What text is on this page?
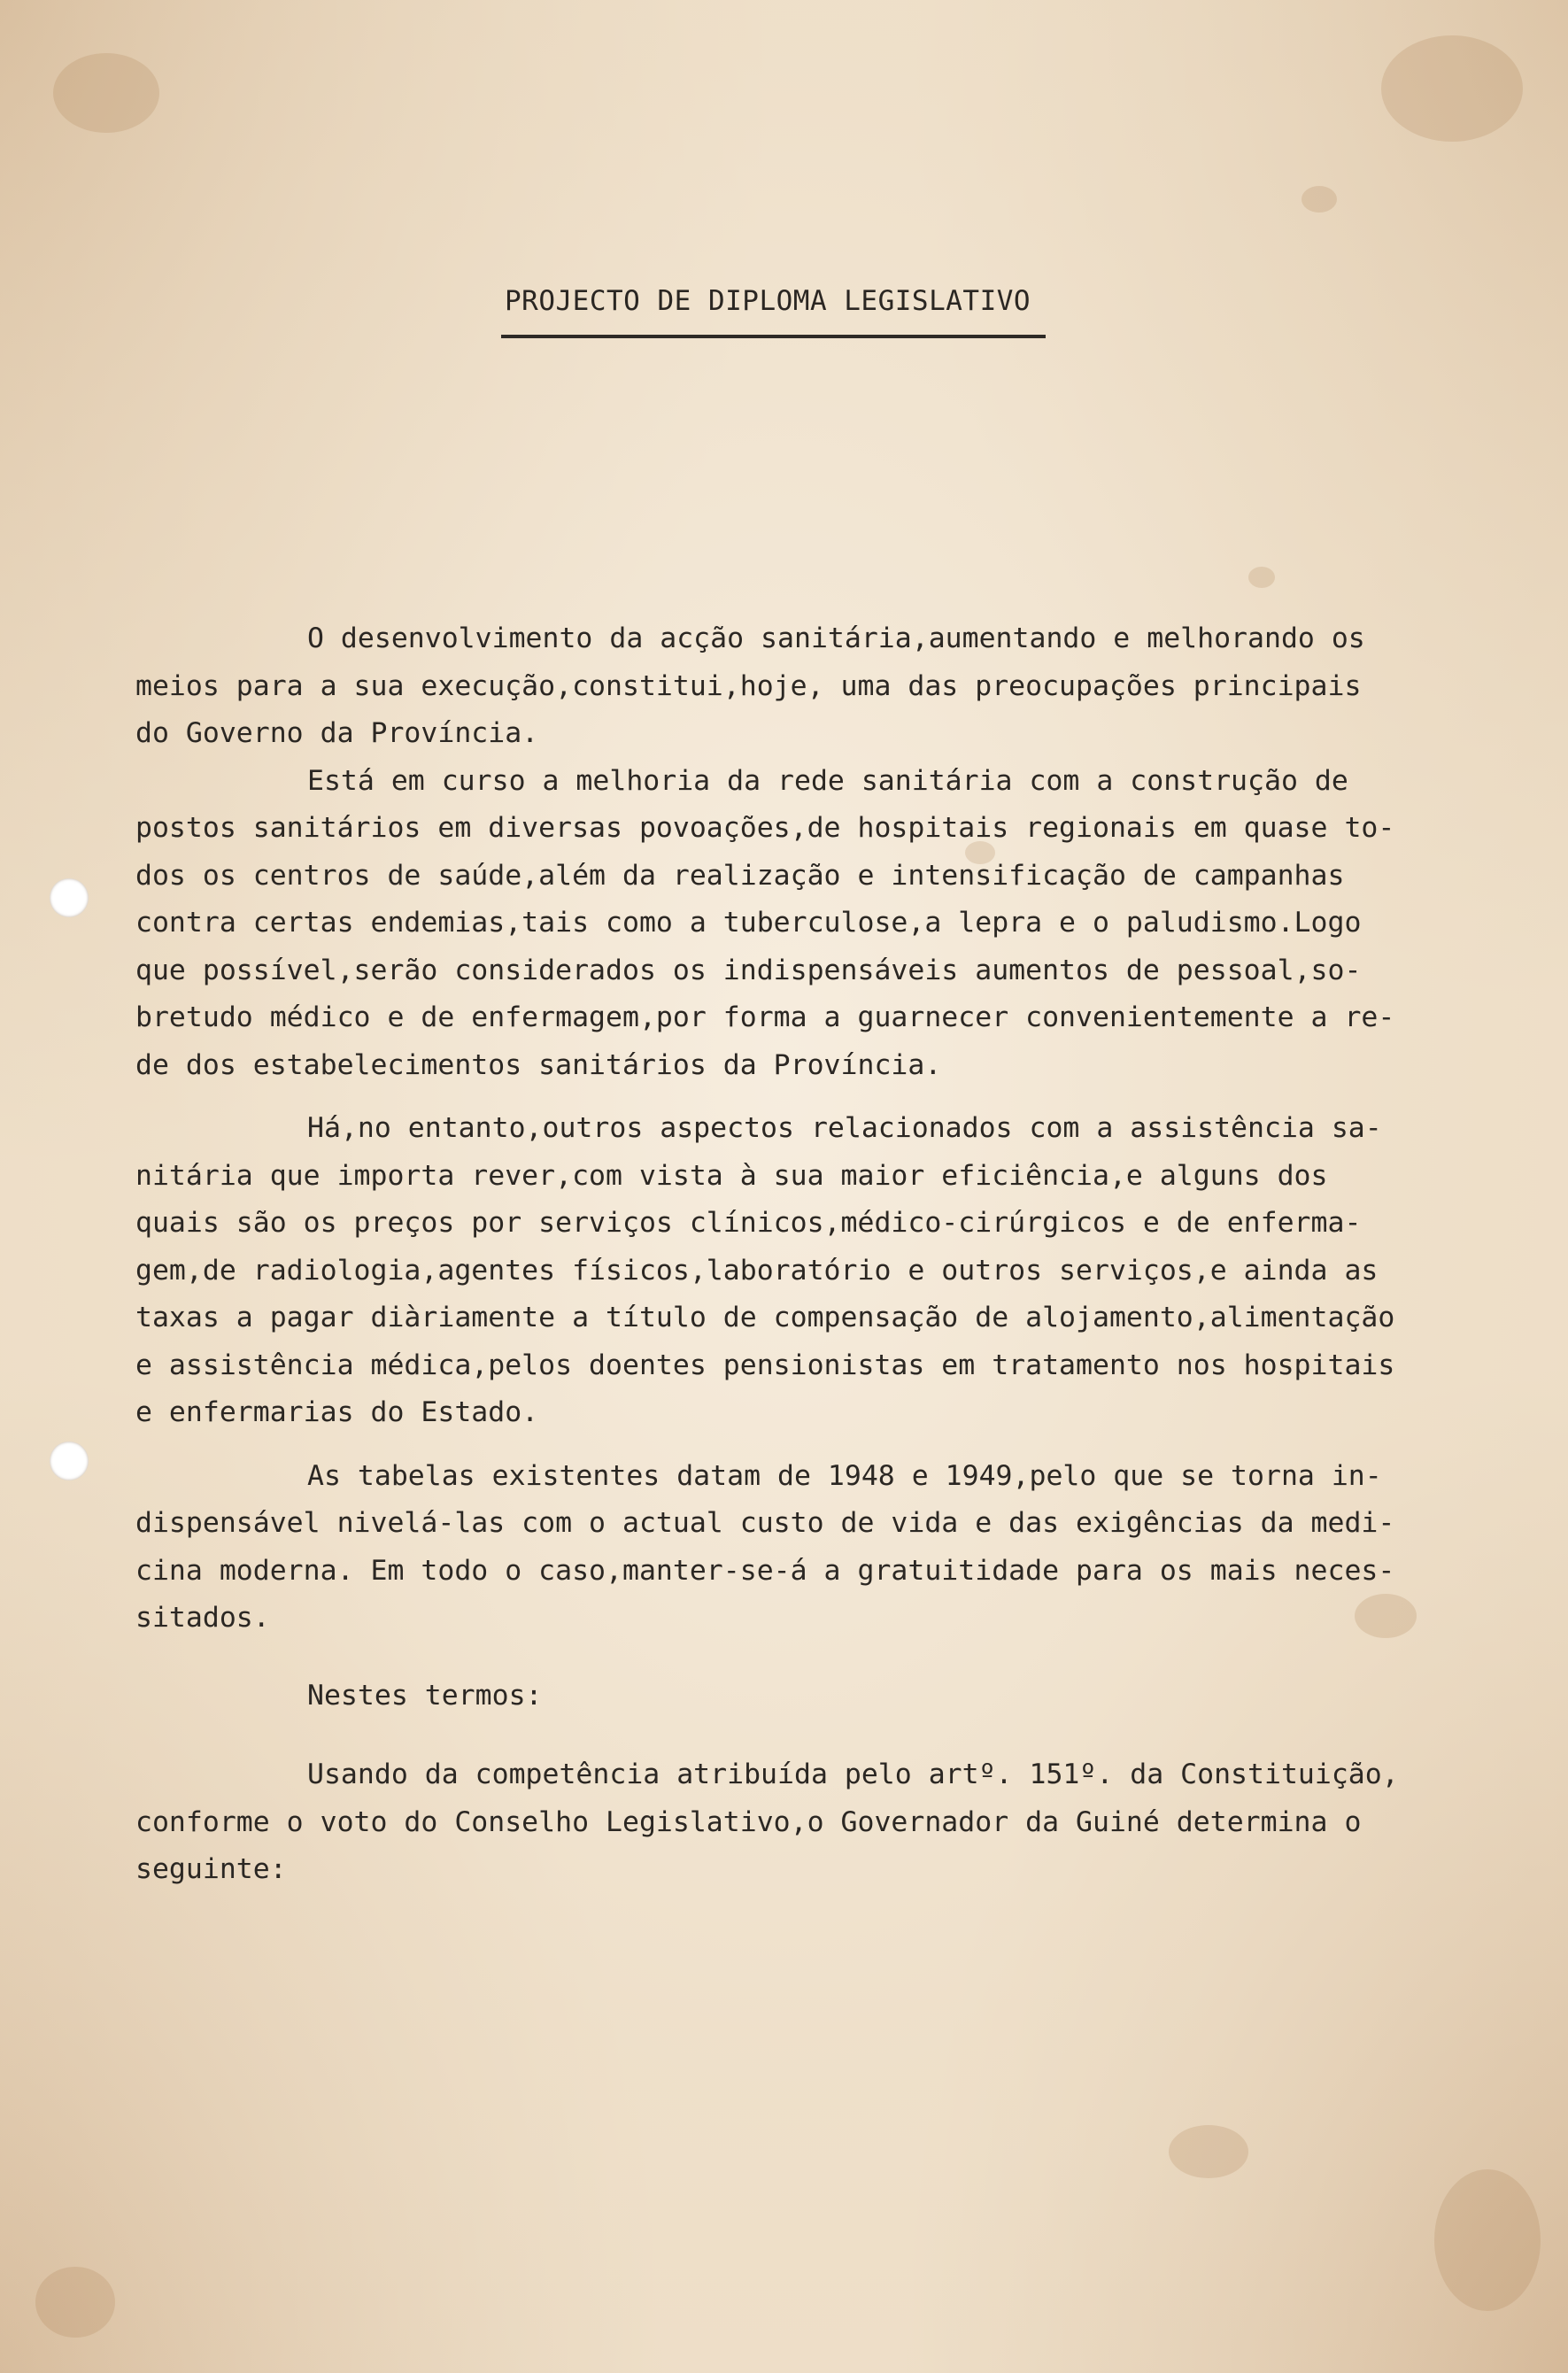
PROJECTO DE DIPLOMA LEGISLATIVO
O desenvolvimento da acção sanitária,aumentando e melhorando os
meios para a sua execução,constitui,hoje, uma das preocupações principais
do Governo da Província.
Está em curso a melhoria da rede sanitária com a construção de
postos sanitários em diversas povoações,de hospitais regionais em quase to-
dos os centros de saúde,além da realização e intensificação de campanhas
contra certas endemias,tais como a tuberculose,a lepra e o paludismo.Logo
que possível,serão considerados os indispensáveis aumentos de pessoal,so-
bretudo médico e de enfermagem,por forma a guarnecer convenientemente a re-
de dos estabelecimentos sanitários da Província.
Há,no entanto,outros aspectos relacionados com a assistência sa-
nitária que importa rever,com vista à sua maior eficiência,e alguns dos
quais são os preços por serviços clínicos,médico-cirúrgicos e de enferma-
gem,de radiologia,agentes físicos,laboratório e outros serviços,e ainda as
taxas a pagar diàriamente a título de compensação de alojamento,alimentação
e assistência médica,pelos doentes pensionistas em tratamento nos hospitais
e enfermarias do Estado.
As tabelas existentes datam de 1948 e 1949,pelo que se torna in-
dispensável nivelá-las com o actual custo de vida e das exigências da medi-
cina moderna. Em todo o caso,manter-se-á a gratuitidade para os mais neces-
sitados.
Nestes termos:
Usando da competência atribuída pelo artº. 151º. da Constituição,
conforme o voto do Conselho Legislativo,o Governador da Guiné determina o
seguinte:
